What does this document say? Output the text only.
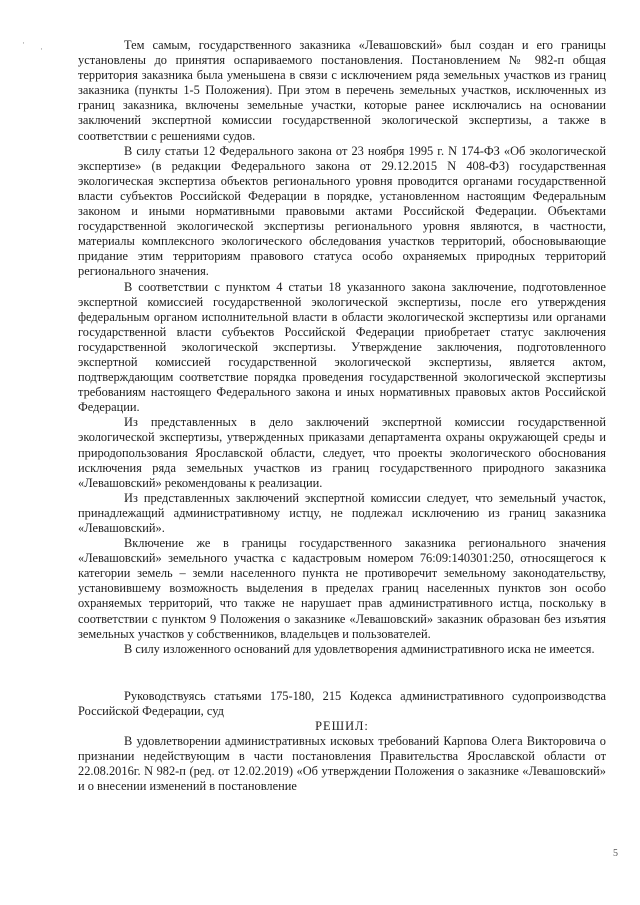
·
·	Тем самым, государственного заказника «Левашовский» был создан и его границы установлены до принятия оспариваемого постановления. Постановлением № 982-п общая территория заказника была уменьшена в связи с исключением ряда земельных участков из границ заказника (пункты 1-5 Положения). При этом в перечень земельных участков, исключенных из границ заказника, включены земельные участки, которые ранее исключались на основании заключений экспертной комиссии государственной экологической экспертизы, а также в соответствии с решениями судов.

В силу статьи 12 Федерального закона от 23 ноября 1995 г. N 174-ФЗ «Об экологической экспертизе» (в редакции Федерального закона от 29.12.2015 N 408-ФЗ) государственная экологическая экспертиза объектов регионального уровня проводится органами государственной власти субъектов Российской Федерации в порядке, установленном настоящим Федеральным законом и иными нормативными правовыми актами Российской Федерации. Объектами государственной экологической экспертизы регионального уровня являются, в частности, материалы комплексного экологического обследования участков территорий, обосновывающие придание этим территориям правового статуса особо охраняемых природных территорий регионального значения.

В соответствии с пунктом 4 статьи 18 указанного закона заключение, подготовленное экспертной комиссией государственной экологической экспертизы, после его утверждения федеральным органом исполнительной власти в области экологической экспертизы или органами государственной власти субъектов Российской Федерации приобретает статус заключения государственной экологической экспертизы. Утверждение заключения, подготовленного экспертной комиссией государственной экологической экспертизы, является актом, подтверждающим соответствие порядка проведения государственной экологической экспертизы требованиям настоящего Федерального закона и иных нормативных правовых актов Российской Федерации.

Из представленных в дело заключений экспертной комиссии государственной экологической экспертизы, утвержденных приказами департамента охраны окружающей среды и природопользования Ярославской области, следует, что проекты экологического обоснования исключения ряда земельных участков из границ государственного природного заказника «Левашовский» рекомендованы к реализации.

Из представленных заключений экспертной комиссии следует, что земельный участок, принадлежащий административному истцу, не подлежал исключению из границ заказника «Левашовский».

Включение же в границы государственного заказника регионального значения «Левашовский» земельного участка с кадастровым номером 76:09:140301:250, относящегося к категории земель – земли населенного пункта не противоречит земельному законодательству, установившему возможность выделения в пределах границ населенных пунктов зон особо охраняемых территорий, что также не нарушает прав административного истца, поскольку в соответствии с пунктом 9 Положения о заказнике «Левашовский» заказник образован без изъятия земельных участков у собственников, владельцев и пользователей.

В силу изложенного оснований для удовлетворения административного иска не имеется.

Руководствуясь статьями 175-180, 215 Кодекса административного судопроизводства Российской Федерации, суд

РЕШИЛ:

В удовлетворении административных исковых требований Карпова Олега Викторовича о признании недействующим в части постановления Правительства Ярославской области от 22.08.2016г. N 982-п (ред. от 12.02.2019) «Об утверждении Положения о заказнике «Левашовский» и о внесении изменений в постановление

5
